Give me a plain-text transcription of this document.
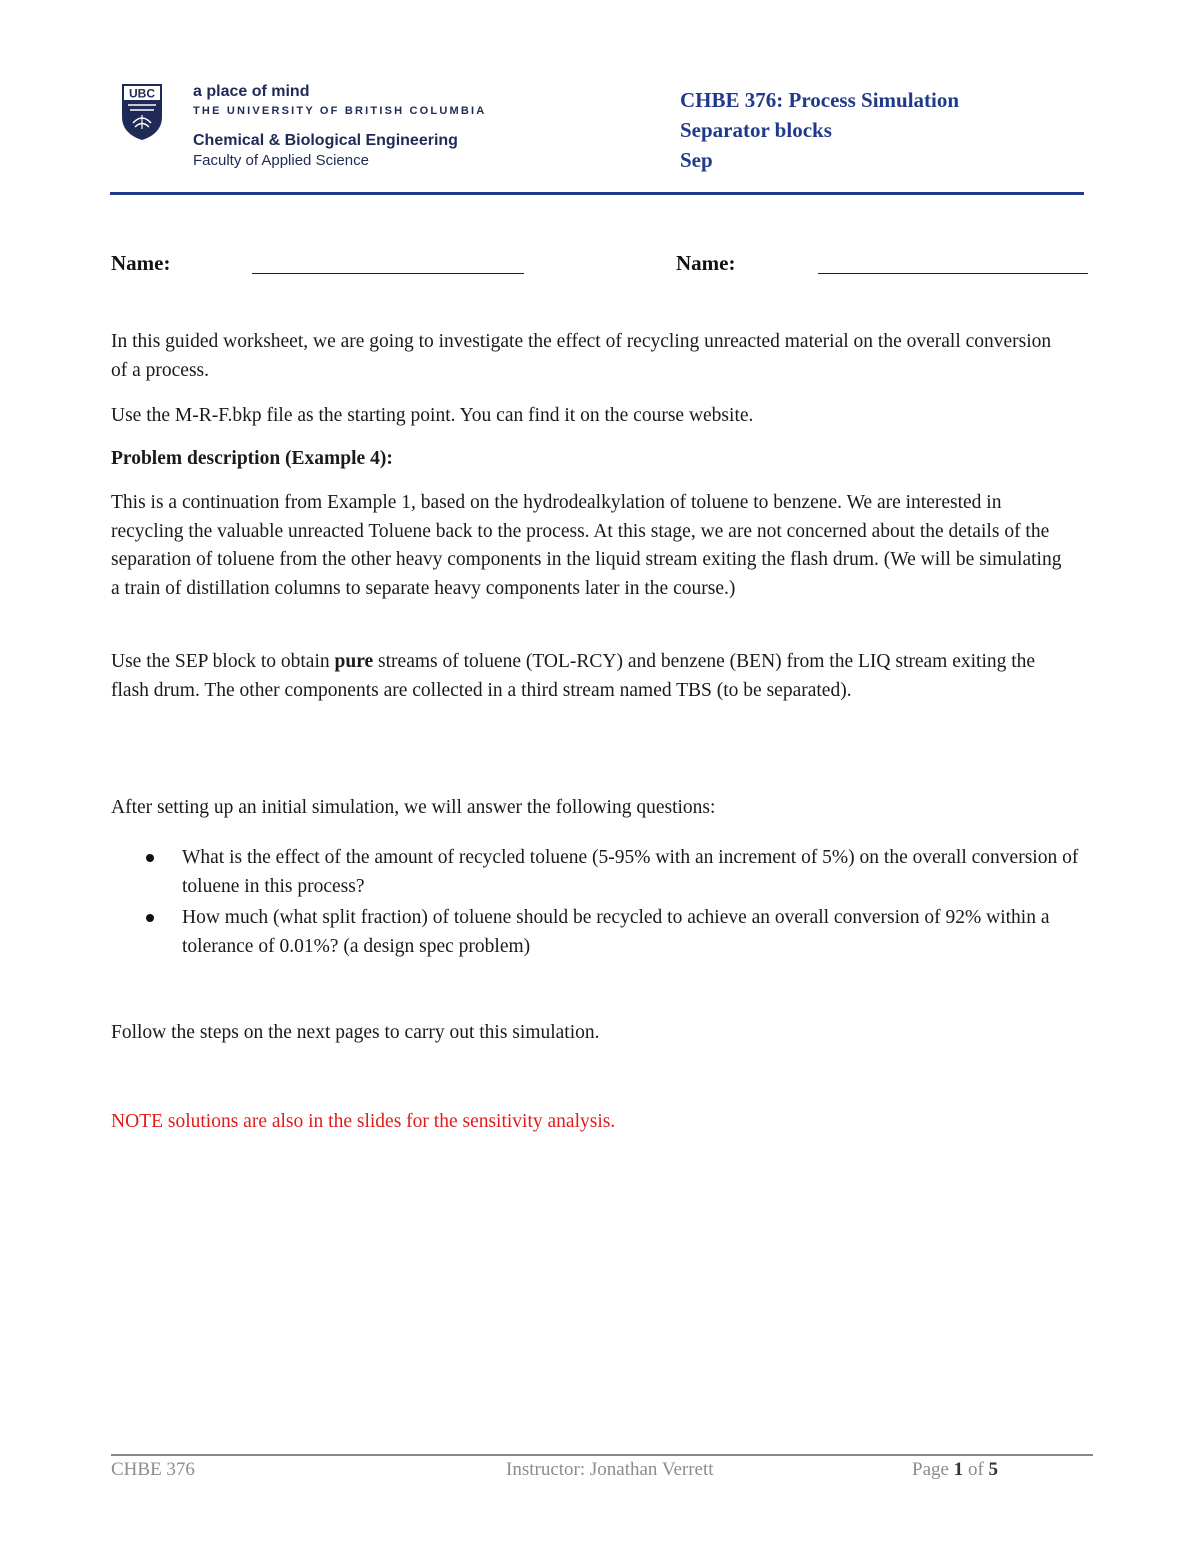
UBC a place of mind
THE UNIVERSITY OF BRITISH COLUMBIA
Chemical & Biological Engineering
Faculty of Applied Science
CHBE 376: Process Simulation
Separator blocks
Sep
Name:	Name:

In this guided worksheet, we are going to investigate the effect of recycling unreacted material on the overall conversion of a process.

Use the M-R-F.bkp file as the starting point. You can find it on the course website.

Problem description (Example 4):

This is a continuation from Example 1, based on the hydrodealkylation of toluene to benzene. We are interested in recycling the valuable unreacted Toluene back to the process. At this stage, we are not concerned about the details of the separation of toluene from the other heavy components in the liquid stream exiting the flash drum. (We will be simulating a train of distillation columns to separate heavy components later in the course.)

Use the SEP block to obtain pure streams of toluene (TOL-RCY) and benzene (BEN) from the LIQ stream exiting the flash drum. The other components are collected in a third stream named TBS (to be separated).

After setting up an initial simulation, we will answer the following questions:

What is the effect of the amount of recycled toluene (5-95% with an increment of 5%) on the overall conversion of toluene in this process?
How much (what split fraction) of toluene should be recycled to achieve an overall conversion of 92% within a tolerance of 0.01%? (a design spec problem)

Follow the steps on the next pages to carry out this simulation.

NOTE solutions are also in the slides for the sensitivity analysis.

CHBE 376	Instructor: Jonathan Verrett	Page 1 of 5
